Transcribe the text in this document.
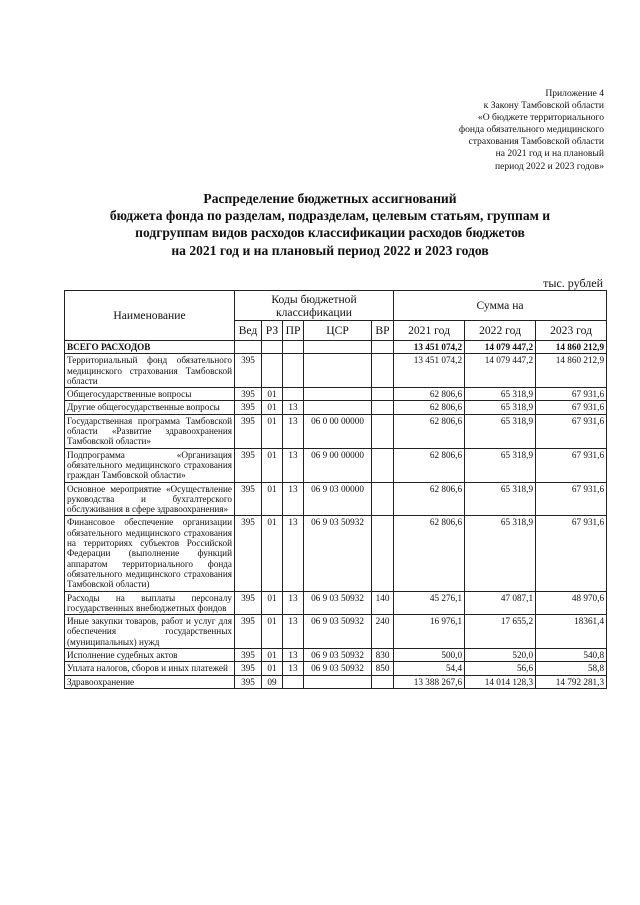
Приложение 4
к Закону Тамбовской области
«О бюджете территориального
фонда обязательного медицинского
страхования Тамбовской области
на 2021 год и на плановый
период 2022 и 2023 годов»
Распределение бюджетных ассигнований
бюджета фонда по разделам, подразделам, целевым статьям, группам и
подгруппам видов расходов классификации расходов бюджетов
на 2021 год и на плановый период 2022 и 2023 годов
тыс. рублей
Наименование	Коды бюджетной классификации					Сумма на		
	Вед	РЗ	ПР	ЦСР	ВР	2021 год	2022 год	2023 год
ВСЕГО РАСХОДОВ						13 451 074,2	14 079 447,2	14 860 212,9
Территориальный фонд обязательного медицинского страхования Тамбовской области	395					13 451 074,2	14 079 447,2	14 860 212,9
Общегосударственные вопросы	395	01				62 806,6	65 318,9	67 931,6
Другие общегосударственные вопросы	395	01	13			62 806,6	65 318,9	67 931,6
Государственная программа Тамбовской области «Развитие здравоохранения Тамбовской области»	395	01	13	06 0 00 00000		62 806,6	65 318,9	67 931,6
Подпрограмма «Организация обязательного медицинского страхования граждан Тамбовской области»	395	01	13	06 9 00 00000		62 806,6	65 318,9	67 931,6
Основное мероприятие «Осуществление руководства и бухгалтерского обслуживания в сфере здравоохранения»	395	01	13	06 9 03 00000		62 806,6	65 318,9	67 931,6
Финансовое обеспечение организации обязательного медицинского страхования на территориях субъектов Российской Федерации (выполнение функций аппаратом территориального фонда обязательного медицинского страхования Тамбовской области)	395	01	13	06 9 03 50932		62 806,6	65 318,9	67 931,6
Расходы на выплаты персоналу государственных внебюджетных фондов	395	01	13	06 9 03 50932	140	45 276,1	47 087,1	48 970,6
Иные закупки товаров, работ и услуг для обеспечения государственных (муниципальных) нужд	395	01	13	06 9 03 50932	240	16 976,1	17 655,2	18361,4
Исполнение судебных актов	395	01	13	06 9 03 50932	830	500,0	520,0	540,8
Уплата налогов, сборов и иных платежей	395	01	13	06 9 03 50932	850	54,4	56,6	58,8
Здравоохранение	395	09				13 388 267,6	14 014 128,3	14 792 281,3
